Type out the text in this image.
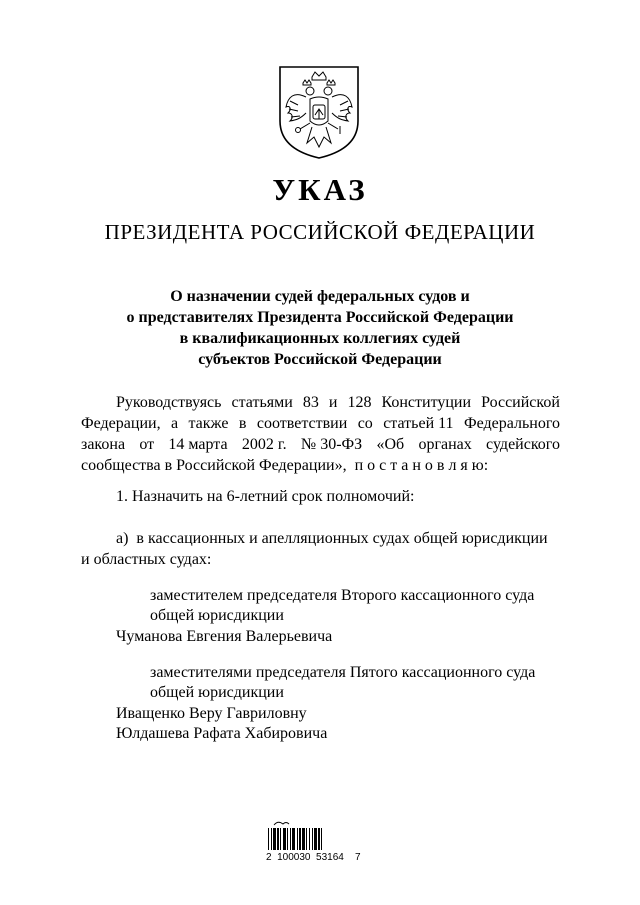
УКАЗ
ПРЕЗИДЕНТА РОССИЙСКОЙ ФЕДЕРАЦИИ
О назначении судей федеральных судов и
о представителях Президента Российской Федерации
в квалификационных коллегиях судей
субъектов Российской Федерации
Руководствуясь статьями 83 и 128 Конституции Российской
Федерации, а также в соответствии со статьей 11 Федерального
закона от 14 марта 2002 г. № 30-ФЗ «Об органах судейского
сообщества в Российской Федерации»,  п о с т а н о в л я ю:
1. Назначить на 6-летний срок полномочий:
а)  в кассационных и апелляционных судах общей юрисдикции
и областных судах:
заместителем председателя Второго кассационного суда
общей юрисдикции
Чуманова Евгения Валерьевича
заместителями председателя Пятого кассационного суда
общей юрисдикции
Иващенко Веру Гавриловну
Юлдашева Рафата Хабировича
2  100030  53164    7
